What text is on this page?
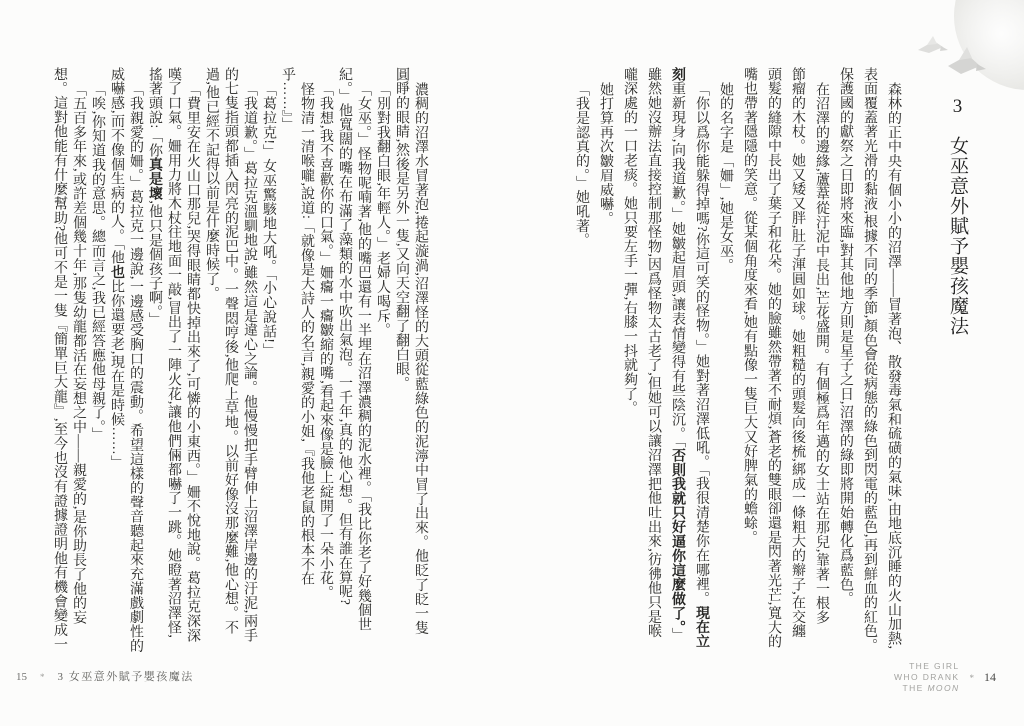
3女巫意外賦予嬰孩魔法

森林的正中央有個小小的沼澤——冒著泡、散發毒氣和硫磺的氣味,由地底沉睡的火山加熱,

表面覆蓋著光滑的黏液,根據不同的季節,顏色會從病態的綠色到閃電的藍色,再到鮮血的紅色。

保護國的獻祭之日即將來臨,對其他地方則是星子之日,沼澤的綠即將開始轉化爲藍色。

在沼澤的邊緣,蘆葦從汙泥中長出,芒花盛開。有個極爲年邁的女士站在那兒,靠著一根多

節瘤的木杖。她又矮又胖,肚子渾圓如球。她粗糙的頭髮向後梳,綁成一條粗大的辮子,在交纏

頭髮的縫隙中長出了葉子和花朵。她的臉雖然帶著不耐煩,蒼老的雙眼卻還是閃著光芒,寬大的

嘴也帶著隱隱的笑意。從某個角度來看,她有點像一隻巨大又好脾氣的蟾蜍。

她的名字是「姍」,她是女巫。

「你以爲你能躲得掉嗎?你這可笑的怪物。」她對著沼澤低吼。「我很清楚你在哪裡。現在立

刻重新現身,向我道歉。」她皺起眉頭,讓表情變得有些陰沉。「否則我就只好逼你這麼做了。」

雖然她沒辦法直接控制那怪物,因爲怪物太古老了,但她可以讓沼澤把他吐出來,彷彿他只是喉

嚨深處的一口老痰。她只要左手一彈,右膝一抖就夠了。

她打算再次皺眉威嚇。

「我是認真的。」她吼著。

濃稠的沼澤水冒著泡,捲起漩渦,沼澤怪的大頭從藍綠色的泥濘中冒了出來。他眨了眨一隻

圓睜的眼睛,然後是另外一隻,又向天空翻了翻白眼。

「別對我翻白眼,年輕人。」老婦人喝斥。

「女巫。」怪物呢喃著,他的嘴巴還有一半埋在沼澤濃稠的泥水裡。「我比你老了好幾個世

紀。」他寬闊的嘴在布滿了藻類的水中吹出氣泡。一千年,真的,他心想。但有誰在算呢?

「我想,我不喜歡你的口氣。」姍癟一癟皺縮的嘴,看起來像是臉上綻開了一朵小花。

怪物清一清喉嚨,說道:「就像是大詩人的名言,親愛的小姐,『我他老鼠的根本不在

乎……』」

「葛拉克!」女巫驚駭地大吼。「小心說話!」

「我道歉。」葛拉克溫馴地說,雖然這是違心之論。他慢慢把手臂伸上沼澤岸邊的汙泥,兩手

的七隻指頭都插入閃亮的泥巴中。一聲悶哼後,他爬上草地。以前好像沒那麼難,他心想。不

過,他已經不記得以前是什麼時候了。

「費里安在火山口那兒,哭得眼睛都快掉出來了,可憐的小東西。」姍不悅地說。葛拉克深深

嘆了口氣。姍用力將木杖往地面一敲,冒出了一陣火花,讓他們倆都嚇了一跳。她瞪著沼澤怪,

搖著頭說:「你真是壞,他只是個孩子啊。」

「我親愛的姍。」葛拉克一邊說,一邊感受胸口的震動。希望這樣的聲音聽起來充滿戲劇性的

威嚇感,而不像個生病的人。「他也比你還要老,現在是時候……」

「唉,你知道我的意思。總而言之,我已經答應他母親了。」

「五百多年來,或許差個幾十年,那隻幼龍都活在妄想之中——親愛的,是你助長了他的妄

想。這對他能有什麼幫助?他可不是一隻『簡單巨大龍』,至今也沒有證據證明他有機會變成一

15 * 3 女巫意外賦予嬰孩魔法
THE GIRL
WHO DRANK
THE MOON
* 14
